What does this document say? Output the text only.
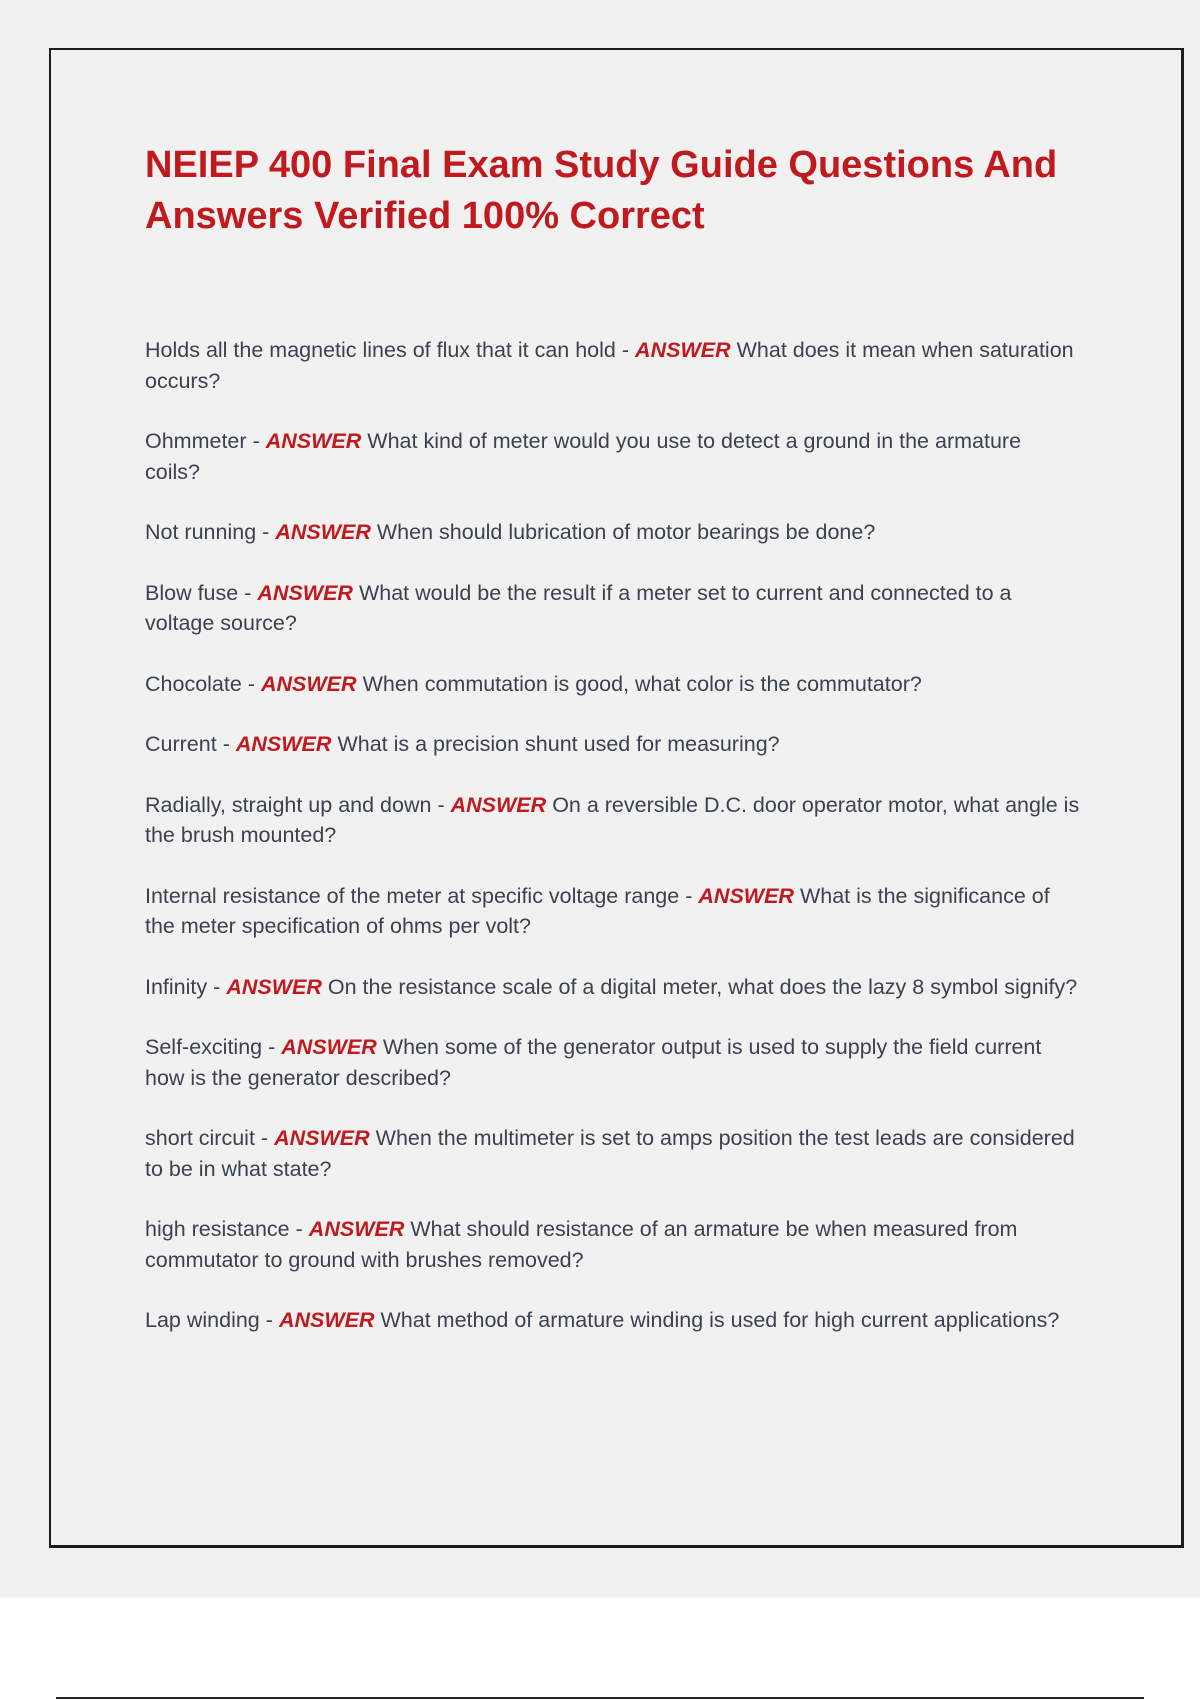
NEIEP 400 Final Exam Study Guide Questions And Answers Verified 100% Correct
Holds all the magnetic lines of flux that it can hold - ANSWER What does it mean when saturation occurs?
Ohmmeter - ANSWER What kind of meter would you use to detect a ground in the armature coils?
Not running - ANSWER When should lubrication of motor bearings be done?
Blow fuse - ANSWER What would be the result if a meter set to current and connected to a voltage source?
Chocolate - ANSWER When commutation is good, what color is the commutator?
Current - ANSWER What is a precision shunt used for measuring?
Radially, straight up and down - ANSWER On a reversible D.C. door operator motor, what angle is the brush mounted?
Internal resistance of the meter at specific voltage range - ANSWER What is the significance of the meter specification of ohms per volt?
Infinity - ANSWER On the resistance scale of a digital meter, what does the lazy 8 symbol signify?
Self-exciting - ANSWER When some of the generator output is used to supply the field current how is the generator described?
short circuit - ANSWER When the multimeter is set to amps position the test leads are considered to be in what state?
high resistance - ANSWER What should resistance of an armature be when measured from commutator to ground with brushes removed?
Lap winding - ANSWER What method of armature winding is used for high current applications?
